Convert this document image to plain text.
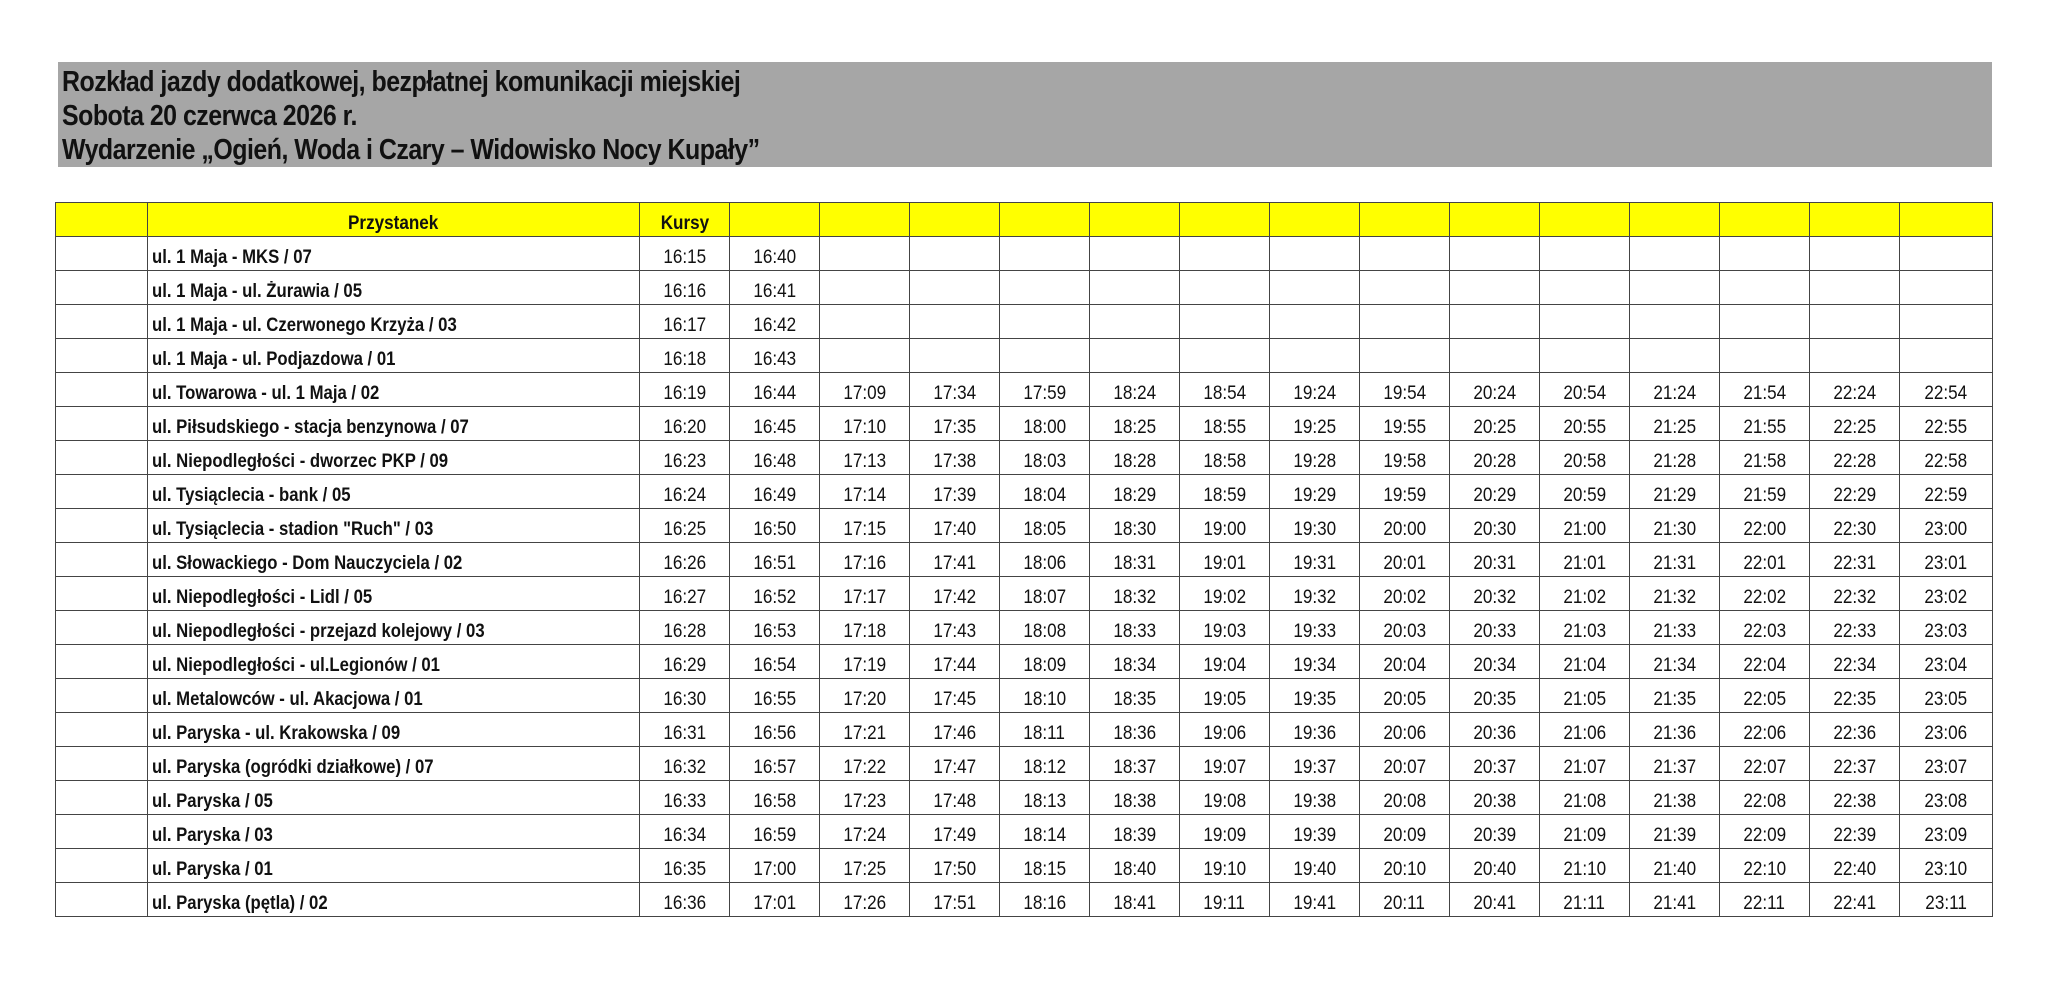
Rozkład jazdy dodatkowej, bezpłatnej komunikacji miejskiej
Sobota 20 czerwca 2026 r.
Wydarzenie „Ogień, Woda i Czary – Widowisko Nocy Kupały”
	Przystanek	Kursy														
	ul. 1 Maja - MKS / 07	16:15	16:40													
	ul. 1 Maja - ul. Żurawia / 05	16:16	16:41													
	ul. 1 Maja - ul. Czerwonego Krzyża / 03	16:17	16:42													
	ul. 1 Maja - ul. Podjazdowa / 01	16:18	16:43													
	ul. Towarowa - ul. 1 Maja / 02	16:19	16:44	17:09	17:34	17:59	18:24	18:54	19:24	19:54	20:24	20:54	21:24	21:54	22:24	22:54
	ul. Piłsudskiego - stacja benzynowa / 07	16:20	16:45	17:10	17:35	18:00	18:25	18:55	19:25	19:55	20:25	20:55	21:25	21:55	22:25	22:55
	ul. Niepodległości - dworzec PKP / 09	16:23	16:48	17:13	17:38	18:03	18:28	18:58	19:28	19:58	20:28	20:58	21:28	21:58	22:28	22:58
	ul. Tysiąclecia - bank / 05	16:24	16:49	17:14	17:39	18:04	18:29	18:59	19:29	19:59	20:29	20:59	21:29	21:59	22:29	22:59
	ul. Tysiąclecia - stadion "Ruch" / 03	16:25	16:50	17:15	17:40	18:05	18:30	19:00	19:30	20:00	20:30	21:00	21:30	22:00	22:30	23:00
	ul. Słowackiego - Dom Nauczyciela / 02	16:26	16:51	17:16	17:41	18:06	18:31	19:01	19:31	20:01	20:31	21:01	21:31	22:01	22:31	23:01
	ul. Niepodległości - Lidl / 05	16:27	16:52	17:17	17:42	18:07	18:32	19:02	19:32	20:02	20:32	21:02	21:32	22:02	22:32	23:02
	ul. Niepodległości - przejazd kolejowy / 03	16:28	16:53	17:18	17:43	18:08	18:33	19:03	19:33	20:03	20:33	21:03	21:33	22:03	22:33	23:03
	ul. Niepodległości - ul.Legionów / 01	16:29	16:54	17:19	17:44	18:09	18:34	19:04	19:34	20:04	20:34	21:04	21:34	22:04	22:34	23:04
	ul. Metalowców - ul. Akacjowa / 01	16:30	16:55	17:20	17:45	18:10	18:35	19:05	19:35	20:05	20:35	21:05	21:35	22:05	22:35	23:05
	ul. Paryska - ul. Krakowska / 09	16:31	16:56	17:21	17:46	18:11	18:36	19:06	19:36	20:06	20:36	21:06	21:36	22:06	22:36	23:06
	ul. Paryska (ogródki działkowe) / 07	16:32	16:57	17:22	17:47	18:12	18:37	19:07	19:37	20:07	20:37	21:07	21:37	22:07	22:37	23:07
	ul. Paryska / 05	16:33	16:58	17:23	17:48	18:13	18:38	19:08	19:38	20:08	20:38	21:08	21:38	22:08	22:38	23:08
	ul. Paryska / 03	16:34	16:59	17:24	17:49	18:14	18:39	19:09	19:39	20:09	20:39	21:09	21:39	22:09	22:39	23:09
	ul. Paryska / 01	16:35	17:00	17:25	17:50	18:15	18:40	19:10	19:40	20:10	20:40	21:10	21:40	22:10	22:40	23:10
	ul. Paryska (pętla) / 02	16:36	17:01	17:26	17:51	18:16	18:41	19:11	19:41	20:11	20:41	21:11	21:41	22:11	22:41	23:11
